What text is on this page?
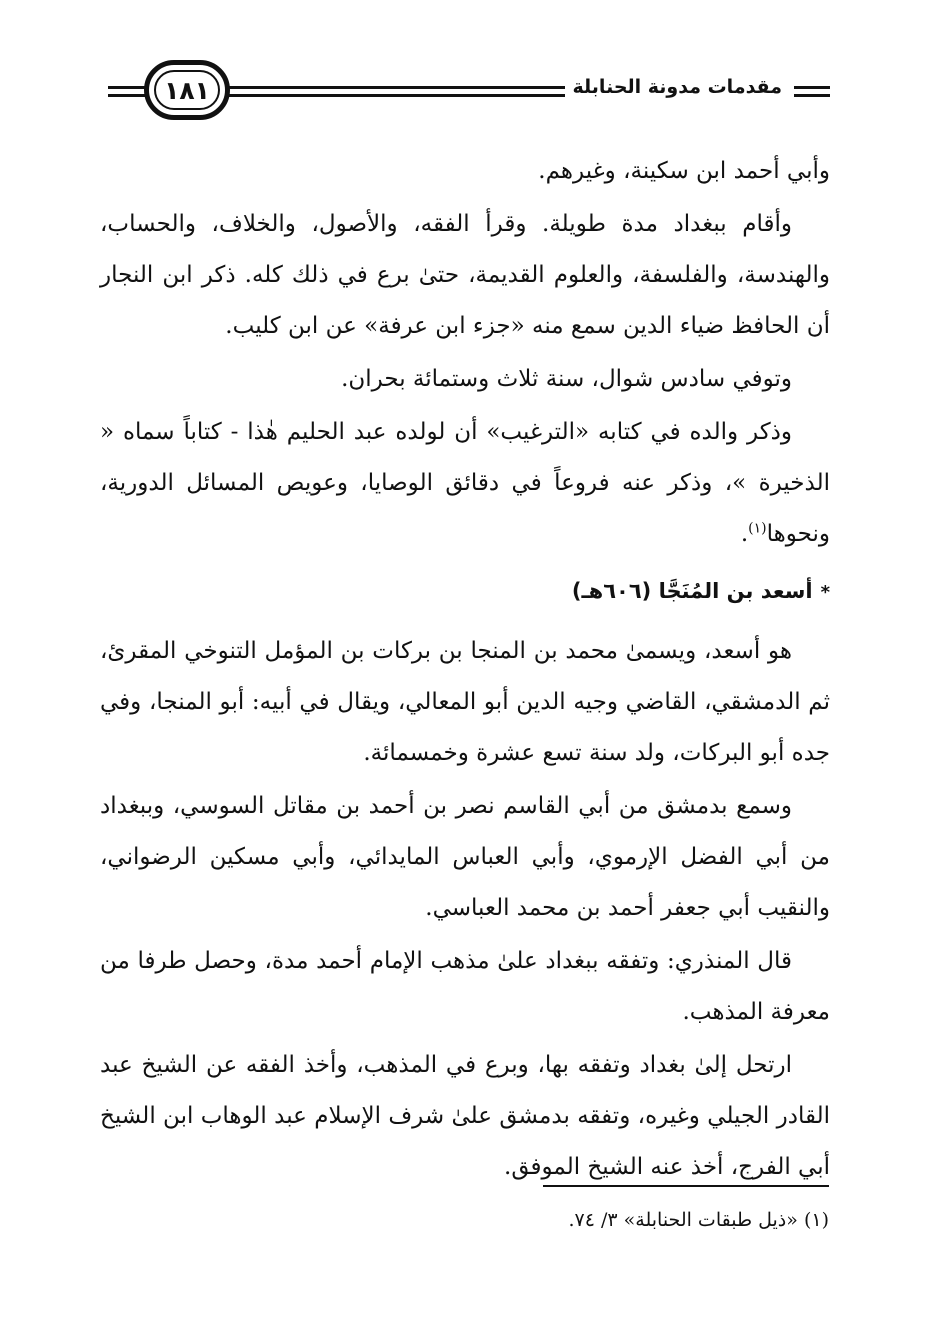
١٨١	مقدمات مدونة الحنابلة

وأبي أحمد ابن سكينة، وغيرهم.

وأقام ببغداد مدة طويلة. وقرأ الفقه، والأصول، والخلاف، والحساب، والهندسة، والفلسفة، والعلوم القديمة، حتىٰ برع في ذلك كله. ذكر ابن النجار أن الحافظ ضياء الدين سمع منه «جزء ابن عرفة» عن ابن كليب.

وتوفي سادس شوال، سنة ثلاث وستمائة بحران.

وذكر والده في كتابه «الترغيب» أن لولده عبد الحليم هٰذا - كتاباً سماه « الذخيرة »، وذكر عنه فروعاً في دقائق الوصايا، وعويص المسائل الدورية، ونحوها$^{(١)}$.

*أسعد بن المُنَجَّا (٦٠٦هـ)

هو أسعد، ويسمىٰ محمد بن المنجا بن بركات بن المؤمل التنوخي المقرئ، ثم الدمشقي، القاضي وجيه الدين أبو المعالي، ويقال في أبيه: أبو المنجا، وفي جده أبو البركات، ولد سنة تسع عشرة وخمسمائة.

وسمع بدمشق من أبي القاسم نصر بن أحمد بن مقاتل السوسي، وببغداد من أبي الفضل الإرموي، وأبي العباس المايدائي، وأبي مسكين الرضواني، والنقيب أبي جعفر أحمد بن محمد العباسي.

قال المنذري: وتفقه ببغداد علىٰ مذهب الإمام أحمد مدة، وحصل طرفا من معرفة المذهب.

ارتحل إلىٰ بغداد وتفقه بها، وبرع في المذهب، وأخذ الفقه عن الشيخ عبد القادر الجيلي وغيره، وتفقه بدمشق علىٰ شرف الإسلام عبد الوهاب ابن الشيخ أبي الفرج، أخذ عنه الشيخ الموفق.

(١) «ذيل طبقات الحنابلة» ٣/ ٧٤.
